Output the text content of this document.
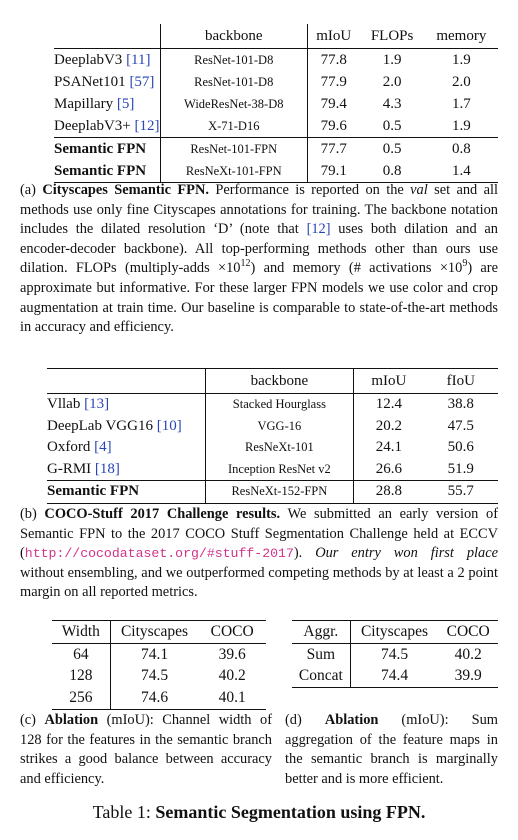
	backbone	mIoU	FLOPs	memory
DeeplabV3 [11]	ResNet-101-D8	77.8	1.9	1.9
PSANet101 [57]	ResNet-101-D8	77.9	2.0	2.0
Mapillary [5]	WideResNet-38-D8	79.4	4.3	1.7
DeeplabV3+ [12]	X-71-D16	79.6	0.5	1.9
Semantic FPN	ResNet-101-FPN	77.7	0.5	0.8
Semantic FPN	ResNeXt-101-FPN	79.1	0.8	1.4
(a) Cityscapes Semantic FPN. Performance is reported on the val set and all methods use only fine Cityscapes annotations for training. The backbone notation includes the dilated resolution ‘D’ (note that [12] uses both dilation and an encoder-decoder backbone). All top-performing methods other than ours use dilation. FLOPs (multiply-adds $\times 10^{12}$) and memory (# activations $\times 10^9$) are approximate but informative. For these larger FPN models we use color and crop augmentation at train time. Our baseline is comparable to state-of-the-art methods in accuracy and efficiency.
	backbone	mIoU	fIoU
Vllab [13]	Stacked Hourglass	12.4	38.8
DeepLab VGG16 [10]	VGG-16	20.2	47.5
Oxford [4]	ResNeXt-101	24.1	50.6
G-RMI [18]	Inception ResNet v2	26.6	51.9
Semantic FPN	ResNeXt-152-FPN	28.8	55.7
(b) COCO-Stuff 2017 Challenge results. We submitted an early version of Semantic FPN to the 2017 COCO Stuff Segmentation Challenge held at ECCV (http://cocodataset.org/#stuff-2017). Our entry won first place without ensembling, and we outperformed competing methods by at least a 2 point margin on all reported metrics.
Width	Cityscapes	COCO
64	74.1	39.6
128	74.5	40.2
256	74.6	40.1
Aggr.	Cityscapes	COCO
Sum	74.5	40.2
Concat	74.4	39.9
(c) Ablation (mIoU): Channel width of 128 for the features in the semantic branch strikes a good balance between accuracy and efficiency.
(d) Ablation (mIoU): Sum aggregation of the feature maps in the semantic branch is marginally better and is more efficient.
Table 1: Semantic Segmentation using FPN.
